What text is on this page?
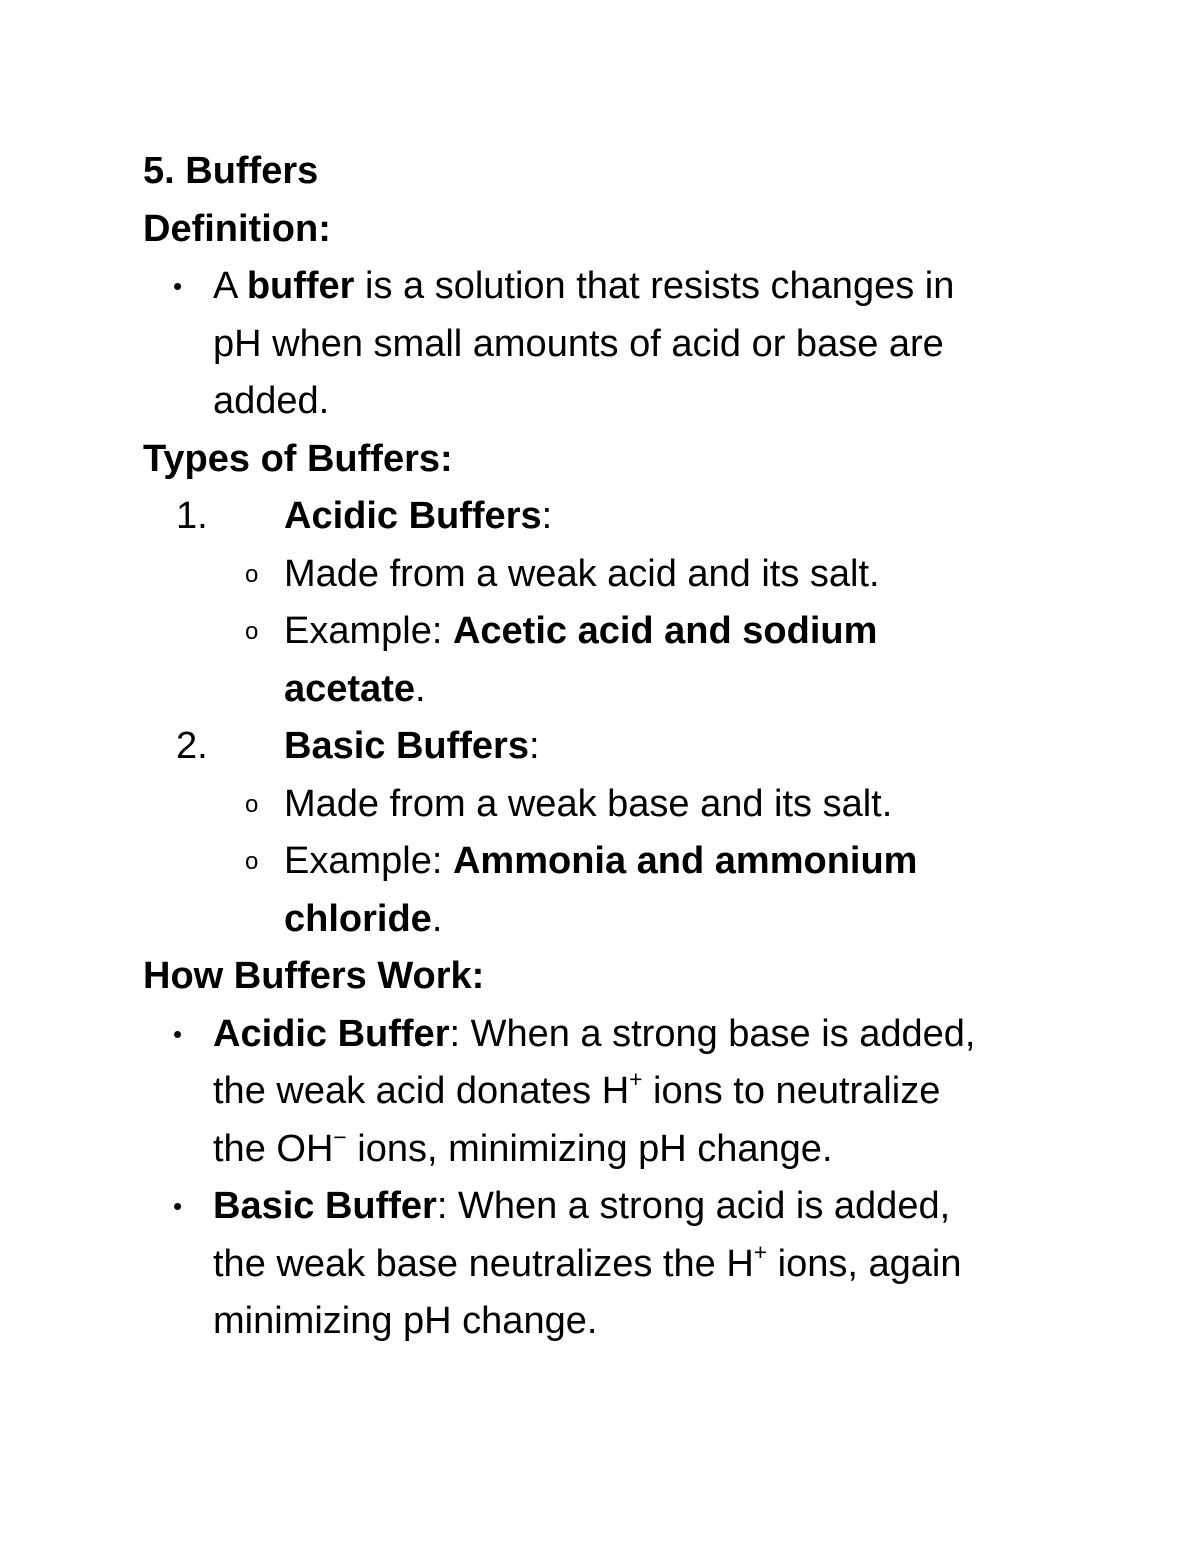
5. Buffers
Definition:
• A buffer is a solution that resists changes in
pH when small amounts of acid or base are
added.
Types of Buffers:
1.	Acidic Buffers:
o Made from a weak acid and its salt.
o Example: Acetic acid and sodium
acetate.
2.	Basic Buffers:
o Made from a weak base and its salt.
o Example: Ammonia and ammonium
chloride.
How Buffers Work:
• Acidic Buffer: When a strong base is added,
the weak acid donates H+ ions to neutralize
the OH− ions, minimizing pH change.
• Basic Buffer: When a strong acid is added,
the weak base neutralizes the H+ ions, again
minimizing pH change.
